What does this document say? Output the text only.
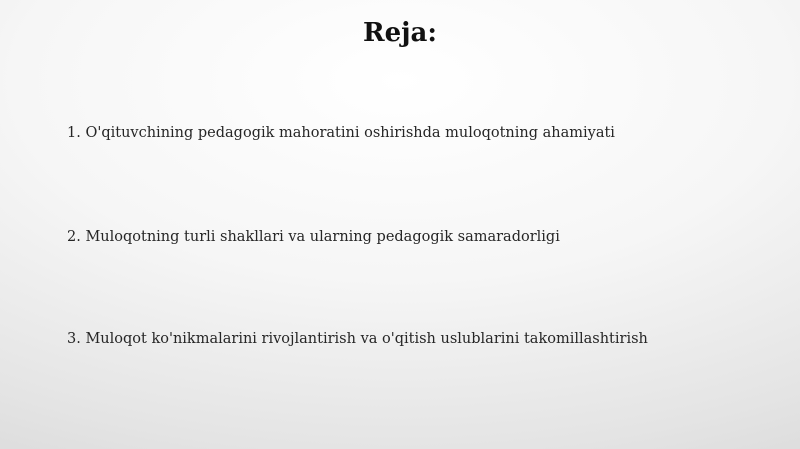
Reja:
1. O'qituvchining pedagogik mahoratini oshirishda muloqotning ahamiyati
2. Muloqotning turli shakllari va ularning pedagogik samaradorligi
3. Muloqot ko'nikmalarini rivojlantirish va o'qitish uslublarini takomillashtirish
